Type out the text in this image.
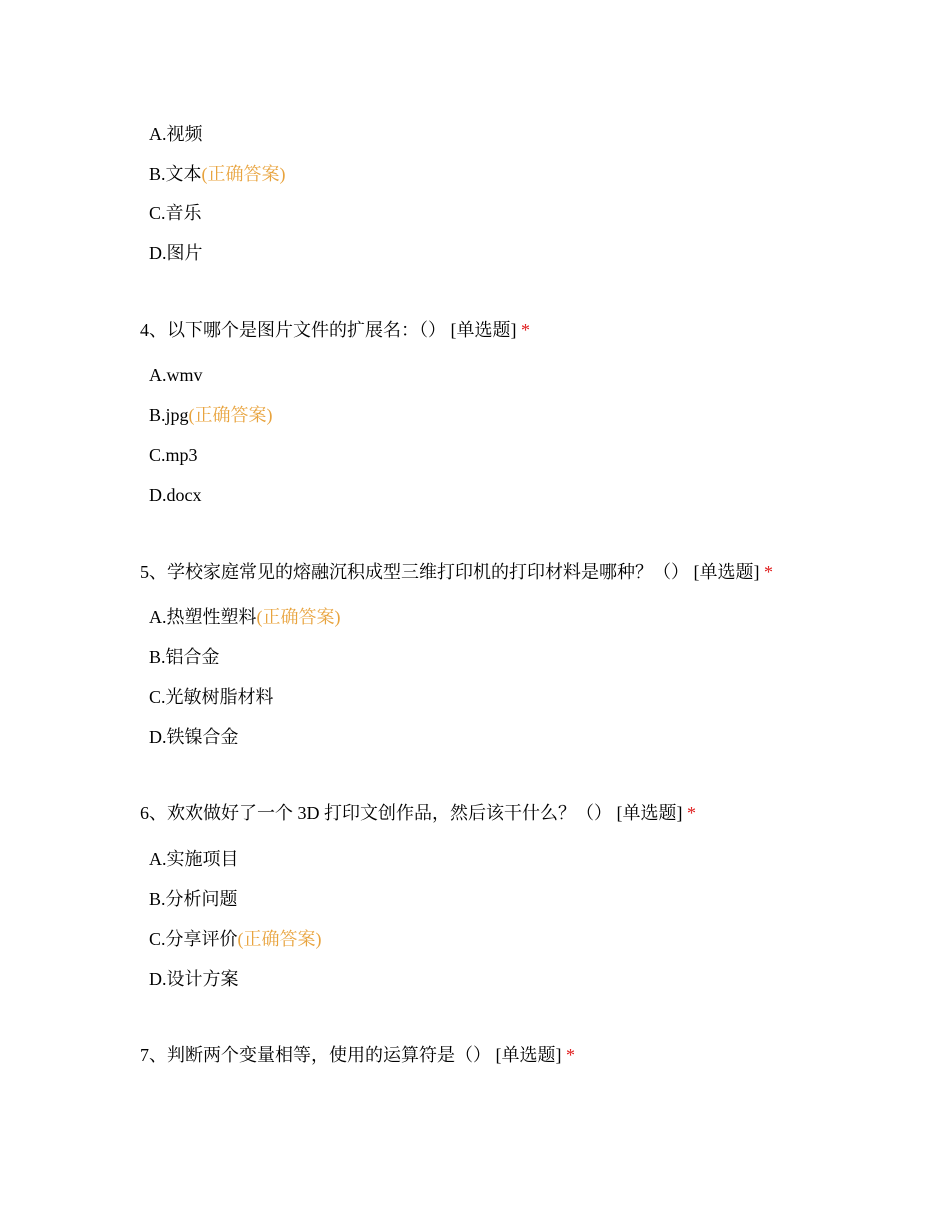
A.视频
B.文本(正确答案)
C.音乐
D.图片
4、以下哪个是图片文件的扩展名：（） [单选题] *
A.wmv
B.jpg(正确答案)
C.mp3
D.docx
5、学校家庭常见的熔融沉积成型三维打印机的打印材料是哪种？（） [单选题] *
A.热塑性塑料(正确答案)
B.铝合金
C.光敏树脂材料
D.铁镍合金
6、欢欢做好了一个 3D 打印文创作品，然后该干什么？（） [单选题] *
A.实施项目
B.分析问题
C.分享评价(正确答案)
D.设计方案
7、判断两个变量相等，使用的运算符是（） [单选题] *
